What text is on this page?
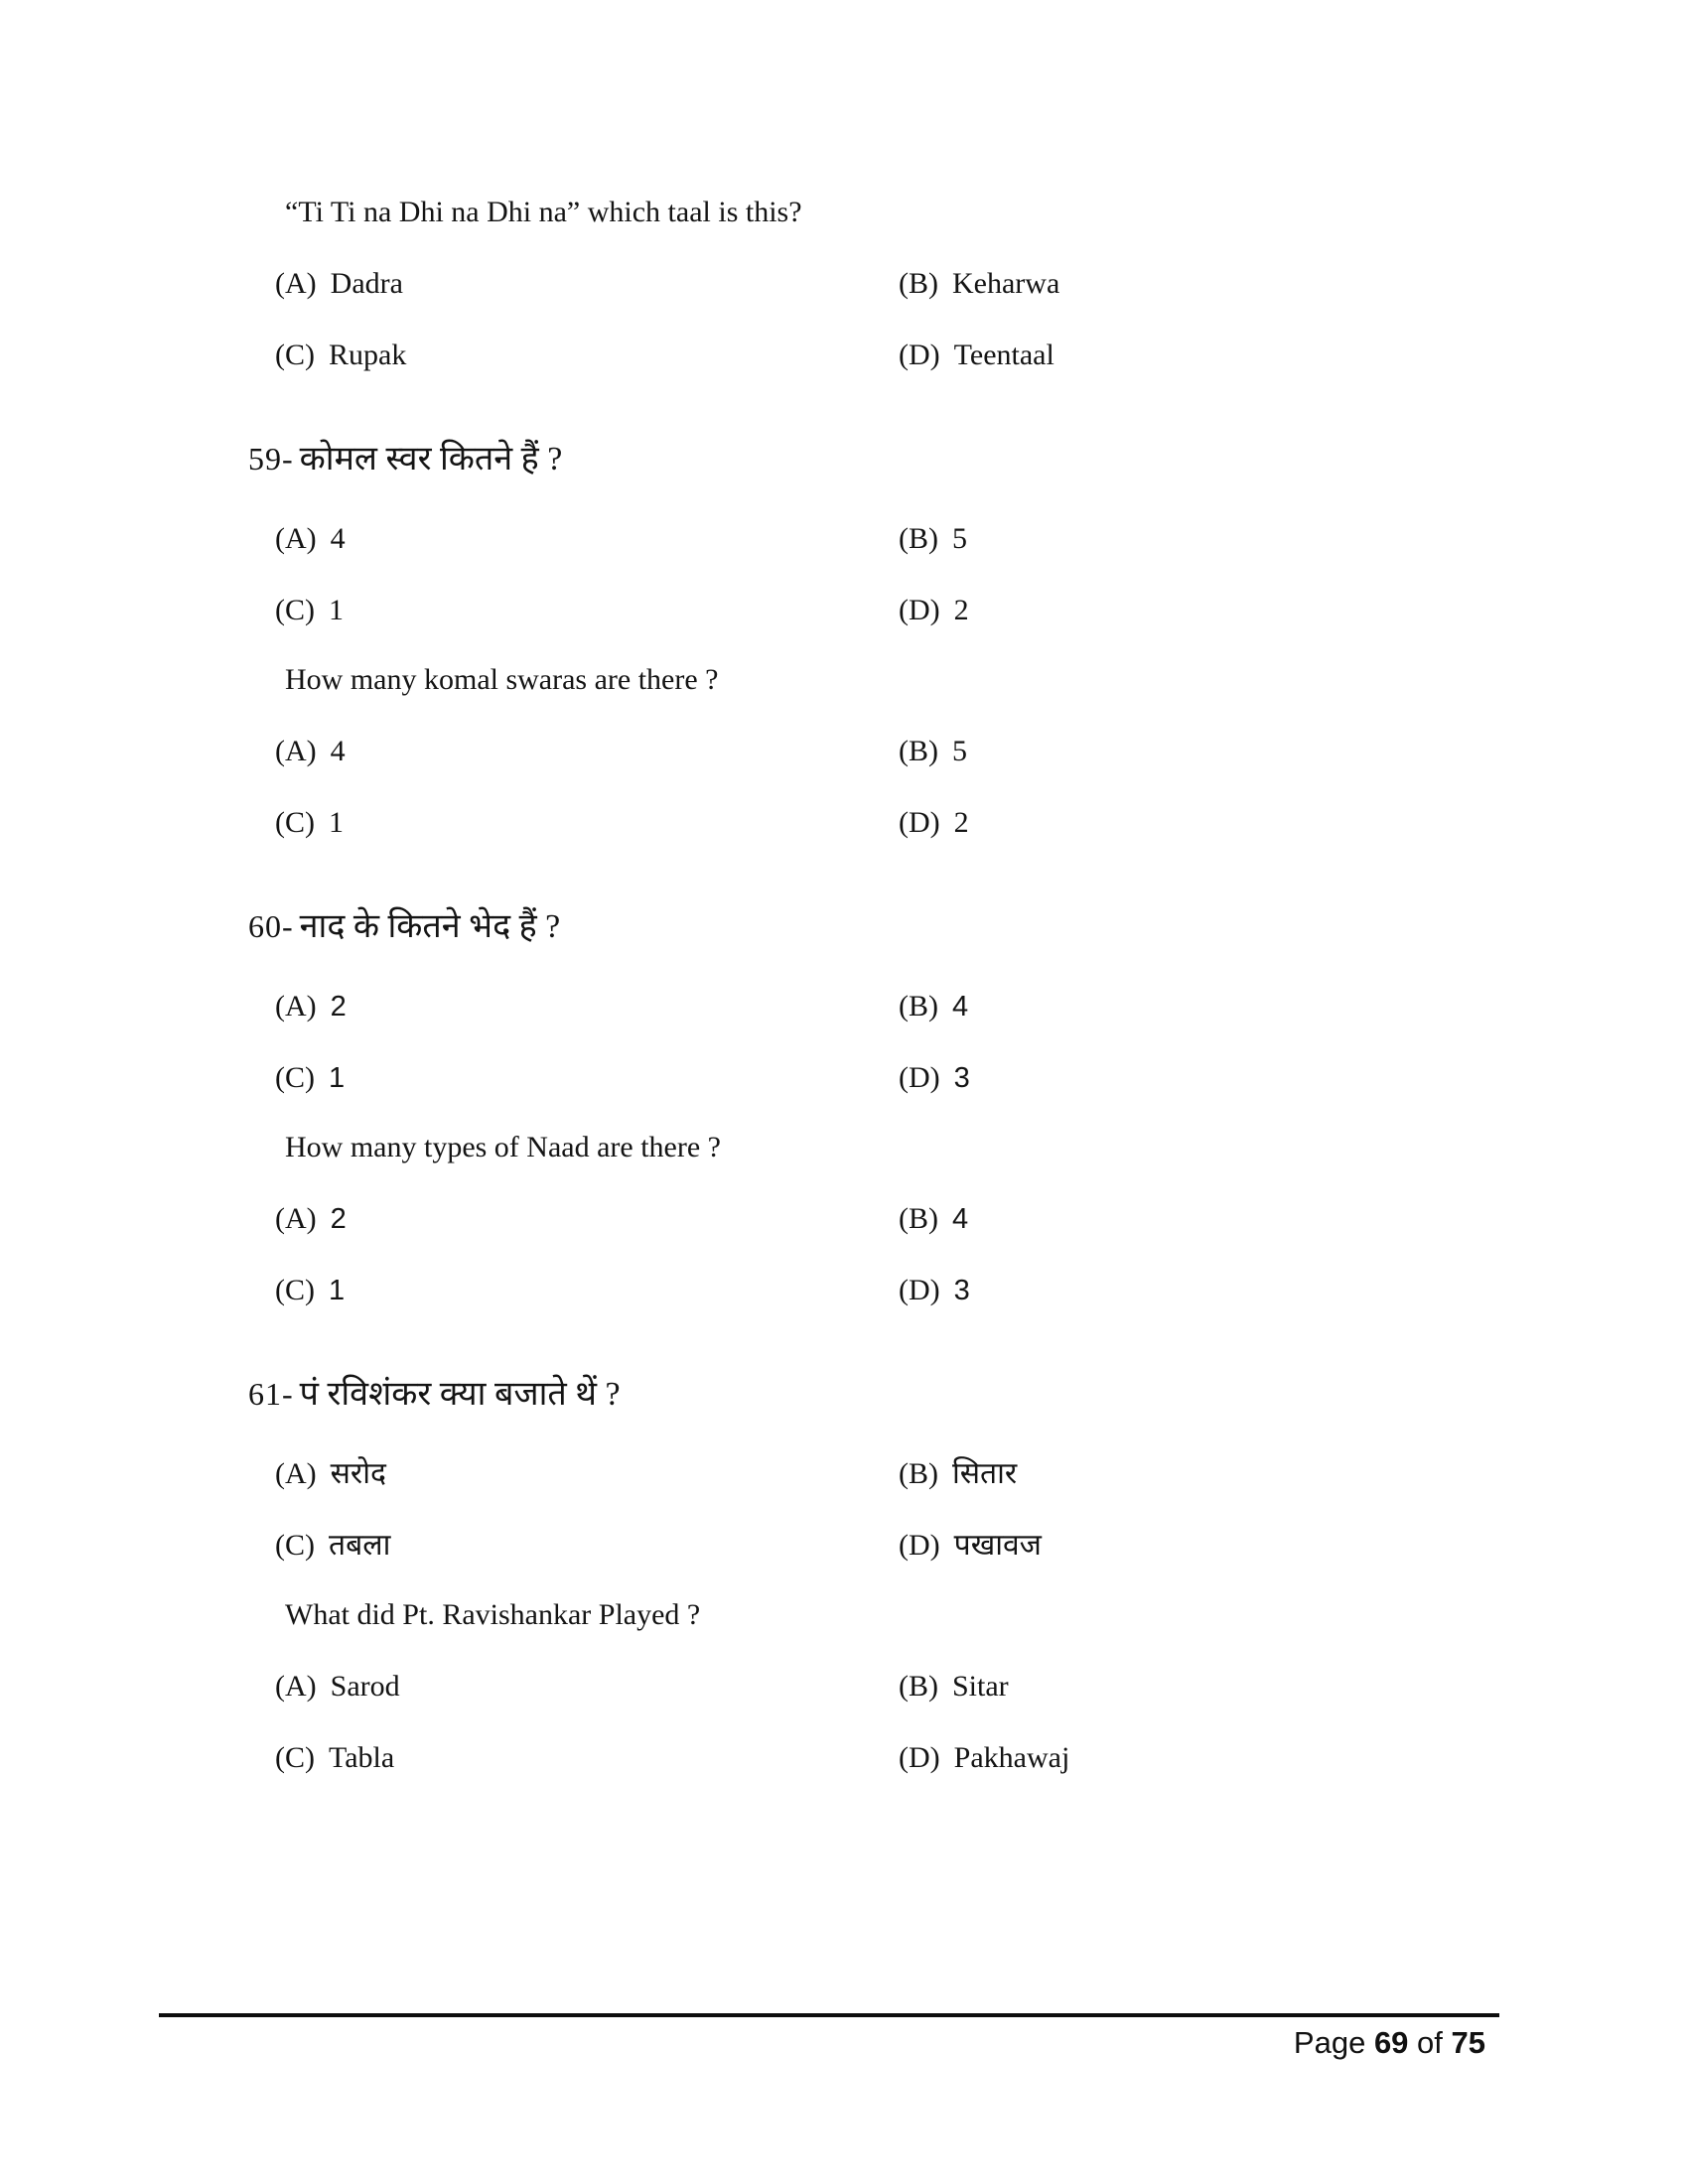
“Ti Ti na Dhi na Dhi na” which taal is this?

(A) Dadra	(B) Keharwa
(C) Rupak	(D) Teentaal
59- कोमल स्वर कितने हैं ?
(A) 4	(B) 5
(C) 1	(D) 2

How many komal swaras are there ?

(A) 4	(B) 5
(C) 1	(D) 2
60- नाद के कितने भेद हैं ?
(A) 2	(B) 4
(C) 1	(D) 3

How many types of Naad are there ?

(A) 2	(B) 4
(C) 1	(D) 3
61- पं रविशंकर क्या बजाते थें ?
(A) सरोद	(B) सितार
(C) तबला	(D) पखावज

What did Pt. Ravishankar Played ?

(A) Sarod	(B) Sitar
(C) Tabla	(D) Pakhawaj
Page 69 of 75
